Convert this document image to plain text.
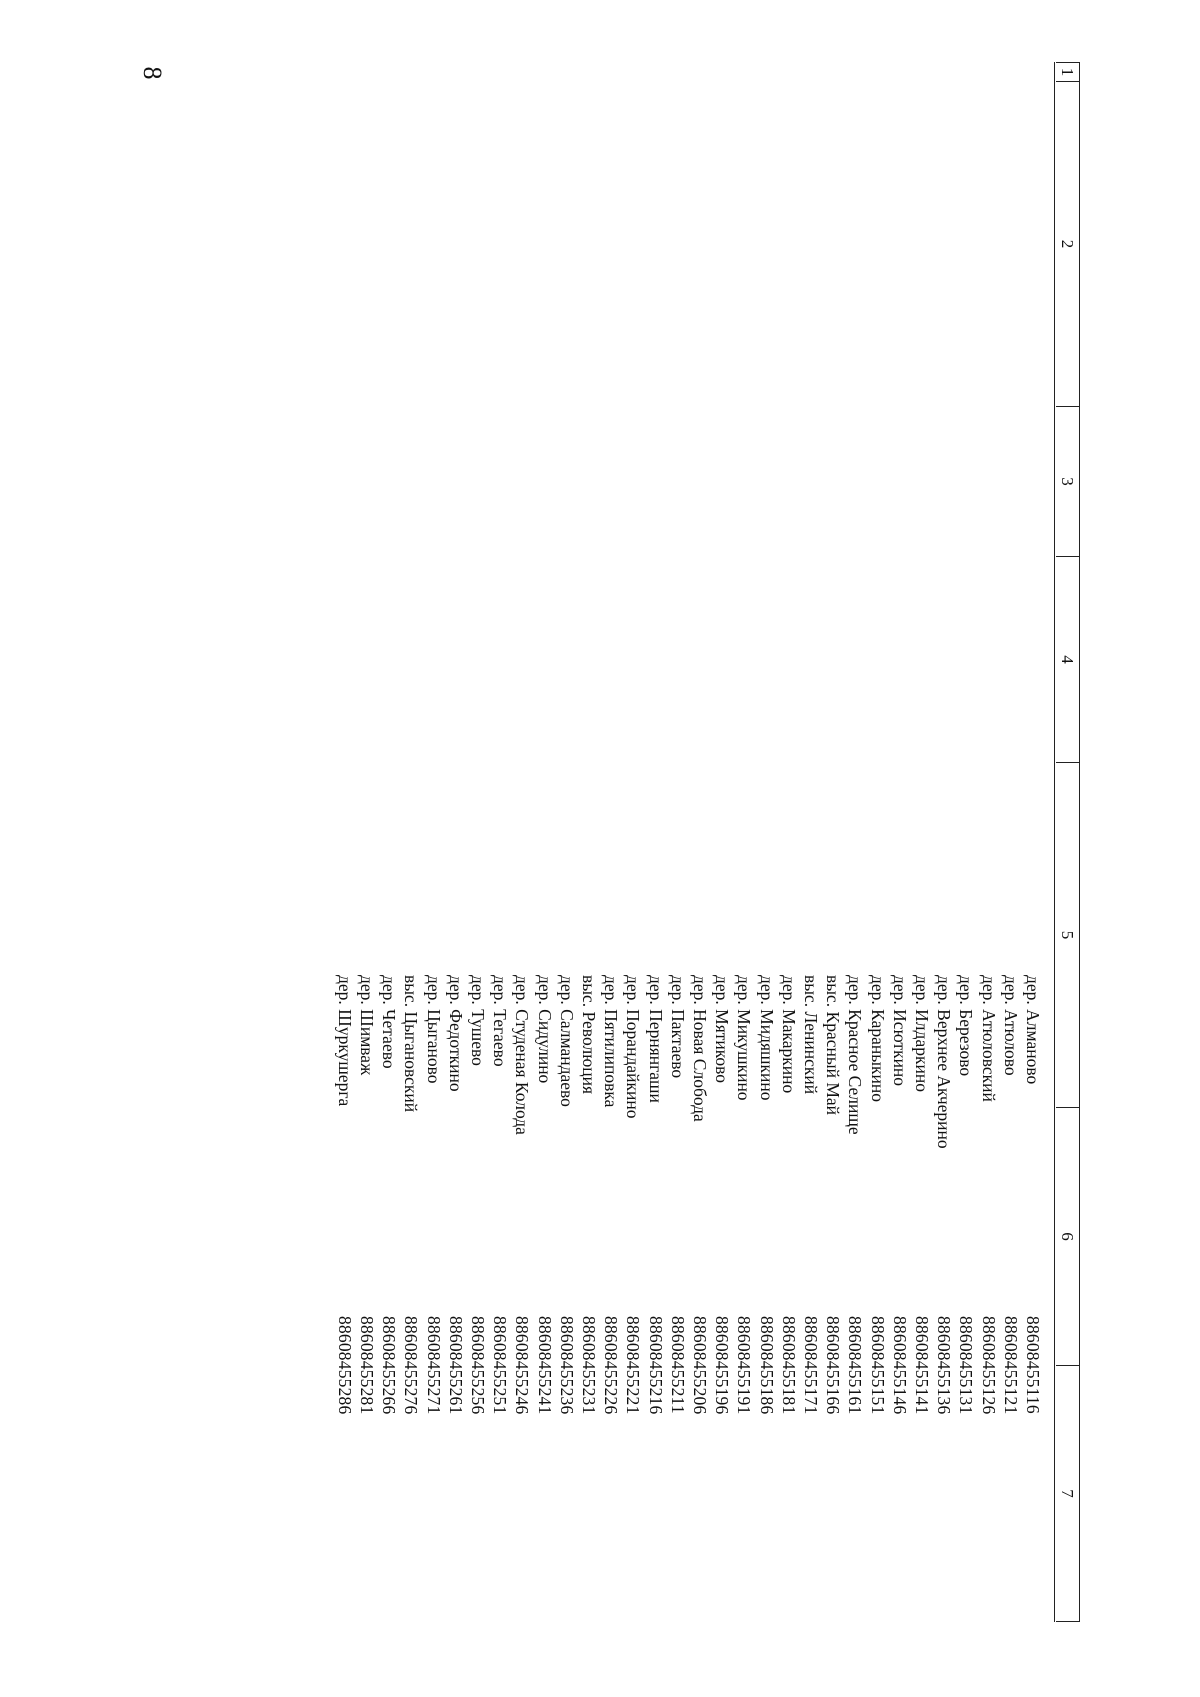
8	1
2
3
4
5
6
7
дер. Алманово
88608455116
дер. Атюлово
88608455121
дер. Атюловский
88608455126
дер. Березово
88608455131
дер. Верхнее Акчерино
88608455136
дер. Илдаркино
88608455141
дер. Исюткино
88608455146
дер. Караныкино
88608455151
дер. Красное Селище
88608455161
выс. Красный Май
88608455166
выс. Ленинский
88608455171
дер. Макаркино
88608455181
дер. Мидяшкино
88608455186
дер. Микушкино
88608455191
дер. Мятиково
88608455196
дер. Новая Слобода
88608455206
дер. Пактаево
88608455211
дер. Пернянгаши
88608455216
дер. Порандайкино
88608455221
дер. Пятилиповка
88608455226
выс. Революция
88608455231
дер. Салмандаево
88608455236
дер. Сидулино
88608455241
дер. Студеная Колода
88608455246
дер. Тегаево
88608455251
дер. Тушево
88608455256
дер. Федоткино
88608455261
дер. Цыганово
88608455271
выс. Цыгановский
88608455276
дер. Четаево
88608455266
дер. Шимваж
88608455281
дер. Шуркушерга
88608455286
